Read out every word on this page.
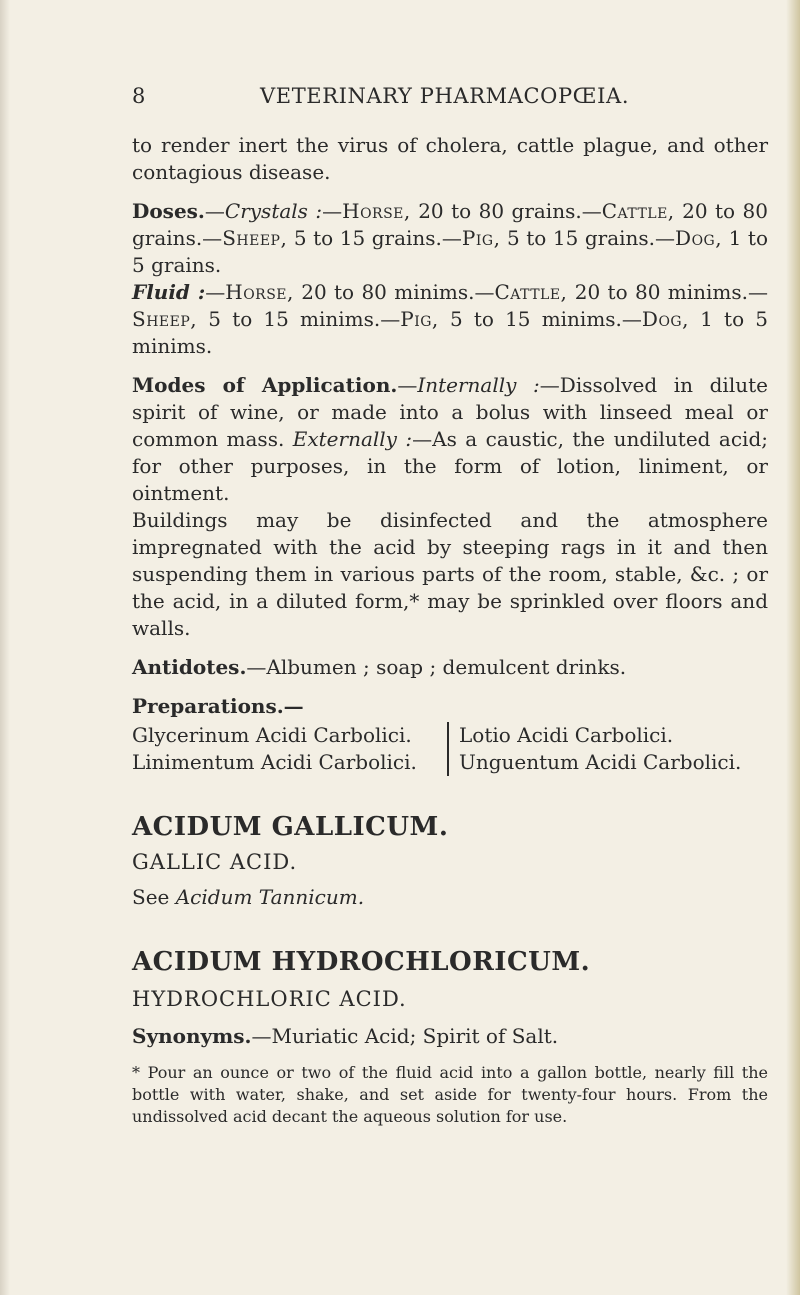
8	VETERINARY PHARMACOPŒIA.

to render inert the virus of cholera, cattle plague, and other contagious disease.

Doses.—Crystals :—Horse, 20 to 80 grains.—Cattle, 20 to 80 grains.—Sheep, 5 to 15 grains.—Pig, 5 to 15 grains.—Dog, 1 to 5 grains.

Fluid :—Horse, 20 to 80 minims.—Cattle, 20 to 80 minims.—Sheep, 5 to 15 minims.—Pig, 5 to 15 minims.—Dog, 1 to 5 minims.

Modes of Application.—Internally :—Dissolved in dilute spirit of wine, or made into a bolus with linseed meal or common mass. Externally :—As a caustic, the undiluted acid; for other purposes, in the form of lotion, liniment, or ointment.

Buildings may be disinfected and the atmosphere impregnated with the acid by steeping rags in it and then suspending them in various parts of the room, stable, &c. ; or the acid, in a diluted form,* may be sprinkled over floors and walls.

Antidotes.—Albumen ; soap ; demulcent drinks.

Preparations.—

Glycerinum Acidi Carbolici.
Linimentum Acidi Carbolici.
Lotio Acidi Carbolici.
Unguentum Acidi Carbolici.

ACIDUM GALLICUM.

GALLIC ACID.

See Acidum Tannicum.

ACIDUM HYDROCHLORICUM.

HYDROCHLORIC ACID.

Synonyms.—Muriatic Acid; Spirit of Salt.

* Pour an ounce or two of the fluid acid into a gallon bottle, nearly fill the bottle with water, shake, and set aside for twenty-four hours. From the undissolved acid decant the aqueous solution for use.
